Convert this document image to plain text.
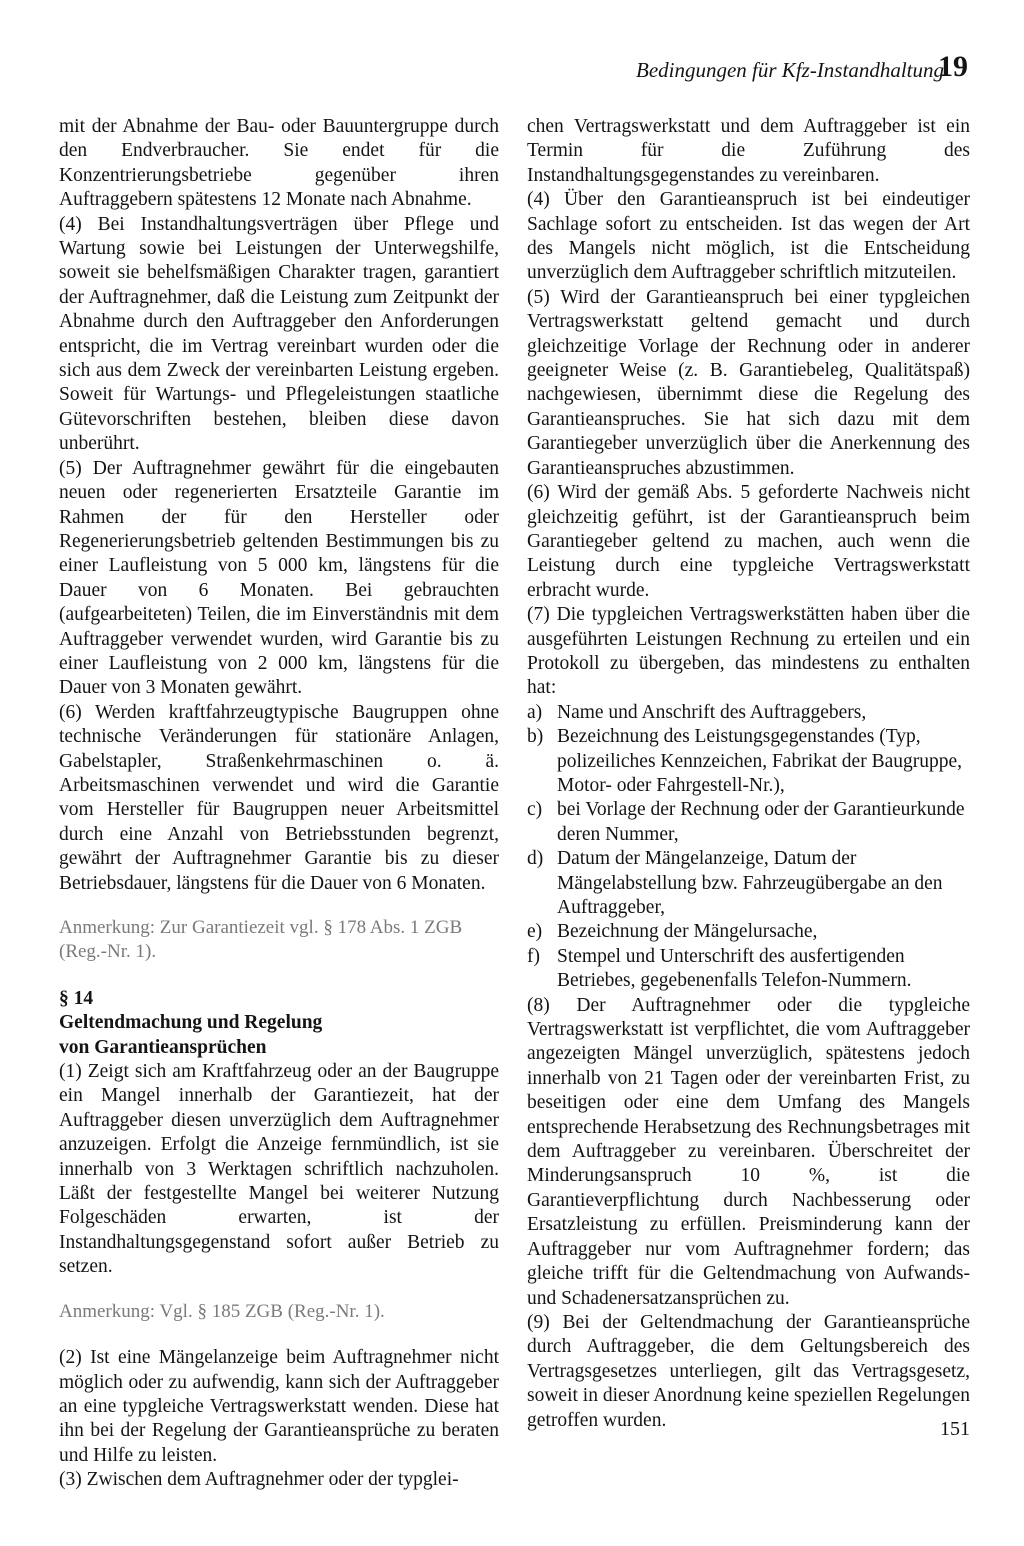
Bedingungen für Kfz-Instandhaltung
19

mit der Abnahme der Bau- oder Bauuntergruppe durch den Endverbraucher. Sie endet für die Konzentrierungsbetriebe gegenüber ihren Auftraggebern spätestens 12 Monate nach Abnahme.

(4) Bei Instandhaltungsverträgen über Pflege und Wartung sowie bei Leistungen der Unterwegshilfe, soweit sie behelfsmäßigen Charakter tragen, garantiert der Auftragnehmer, daß die Leistung zum Zeitpunkt der Abnahme durch den Auftraggeber den Anforderungen entspricht, die im Vertrag vereinbart wurden oder die sich aus dem Zweck der vereinbarten Leistung ergeben. Soweit für Wartungs- und Pflegeleistungen staatliche Gütevorschriften bestehen, bleiben diese davon unberührt.

(5) Der Auftragnehmer gewährt für die eingebauten neuen oder regenerierten Ersatzteile Garantie im Rahmen der für den Hersteller oder Regenerierungsbetrieb geltenden Bestimmungen bis zu einer Laufleistung von 5 000 km, längstens für die Dauer von 6 Monaten. Bei gebrauchten (aufgearbeiteten) Teilen, die im Einverständnis mit dem Auftraggeber verwendet wurden, wird Garantie bis zu einer Laufleistung von 2 000 km, längstens für die Dauer von 3 Monaten gewährt.

(6) Werden kraftfahrzeugtypische Baugruppen ohne technische Veränderungen für stationäre Anlagen, Gabelstapler, Straßenkehrmaschinen o. ä. Arbeitsmaschinen verwendet und wird die Garantie vom Hersteller für Baugruppen neuer Arbeitsmittel durch eine Anzahl von Betriebsstunden begrenzt, gewährt der Auftragnehmer Garantie bis zu dieser Betriebsdauer, längstens für die Dauer von 6 Monaten.

Anmerkung: Zur Garantiezeit vgl. § 178 Abs. 1 ZGB (Reg.-Nr. 1).

§ 14
Geltendmachung und Regelung
von Garantieansprüchen

(1) Zeigt sich am Kraftfahrzeug oder an der Baugruppe ein Mangel innerhalb der Garantiezeit, hat der Auftraggeber diesen unverzüglich dem Auftragnehmer anzuzeigen. Erfolgt die Anzeige fernmündlich, ist sie innerhalb von 3 Werktagen schriftlich nachzuholen. Läßt der festgestellte Mangel bei weiterer Nutzung Folgeschäden erwarten, ist der Instandhaltungsgegenstand sofort außer Betrieb zu setzen.

Anmerkung: Vgl. § 185 ZGB (Reg.-Nr. 1).

(2) Ist eine Mängelanzeige beim Auftragnehmer nicht möglich oder zu aufwendig, kann sich der Auftraggeber an eine typgleiche Vertragswerkstatt wenden. Diese hat ihn bei der Regelung der Garantieansprüche zu beraten und Hilfe zu leisten.

(3) Zwischen dem Auftragnehmer oder der typglei-

chen Vertragswerkstatt und dem Auftraggeber ist ein Termin für die Zuführung des Instandhaltungsgegenstandes zu vereinbaren.

(4) Über den Garantieanspruch ist bei eindeutiger Sachlage sofort zu entscheiden. Ist das wegen der Art des Mangels nicht möglich, ist die Entscheidung unverzüglich dem Auftraggeber schriftlich mitzuteilen.

(5) Wird der Garantieanspruch bei einer typgleichen Vertragswerkstatt geltend gemacht und durch gleichzeitige Vorlage der Rechnung oder in anderer geeigneter Weise (z. B. Garantiebeleg, Qualitätspaß) nachgewiesen, übernimmt diese die Regelung des Garantieanspruches. Sie hat sich dazu mit dem Garantiegeber unverzüglich über die Anerkennung des Garantieanspruches abzustimmen.

(6) Wird der gemäß Abs. 5 geforderte Nachweis nicht gleichzeitig geführt, ist der Garantieanspruch beim Garantiegeber geltend zu machen, auch wenn die Leistung durch eine typgleiche Vertragswerkstatt erbracht wurde.

(7) Die typgleichen Vertragswerkstätten haben über die ausgeführten Leistungen Rechnung zu erteilen und ein Protokoll zu übergeben, das mindestens zu enthalten hat:

a) Name und Anschrift des Auftraggebers,
b) Bezeichnung des Leistungsgegenstandes (Typ, polizeiliches Kennzeichen, Fabrikat der Baugruppe, Motor- oder Fahrgestell-Nr.),
c) bei Vorlage der Rechnung oder der Garantieurkunde deren Nummer,
d) Datum der Mängelanzeige, Datum der Mängelabstellung bzw. Fahrzeugübergabe an den Auftraggeber,
e) Bezeichnung der Mängelursache,
f) Stempel und Unterschrift des ausfertigenden Betriebes, gegebenenfalls Telefon-Nummern.

(8) Der Auftragnehmer oder die typgleiche Vertragswerkstatt ist verpflichtet, die vom Auftraggeber angezeigten Mängel unverzüglich, spätestens jedoch innerhalb von 21 Tagen oder der vereinbarten Frist, zu beseitigen oder eine dem Umfang des Mangels entsprechende Herabsetzung des Rechnungsbetrages mit dem Auftraggeber zu vereinbaren. Überschreitet der Minderungsanspruch 10 %, ist die Garantieverpflichtung durch Nachbesserung oder Ersatzleistung zu erfüllen. Preisminderung kann der Auftraggeber nur vom Auftragnehmer fordern; das gleiche trifft für die Geltendmachung von Aufwands- und Schadenersatzansprüchen zu.

(9) Bei der Geltendmachung der Garantieansprüche durch Auftraggeber, die dem Geltungsbereich des Vertragsgesetzes unterliegen, gilt das Vertragsgesetz, soweit in dieser Anordnung keine speziellen Regelungen getroffen wurden.	151
